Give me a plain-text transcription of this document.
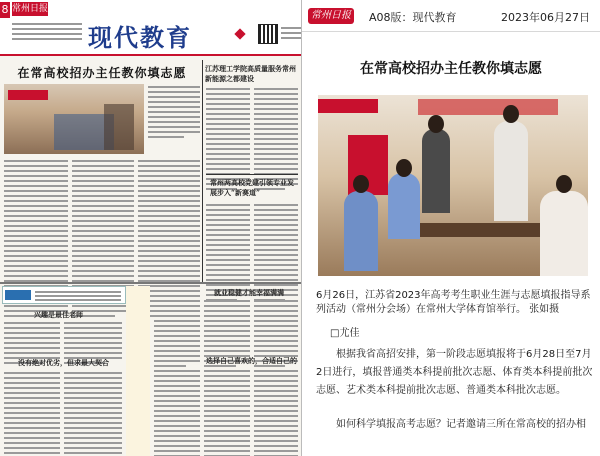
8 常州日报
现代教育
在常高校招办主任教你填志愿	江苏理工学院高质量服务常州新能源之都建设
常州两高校党建引领专业发展步入“新赛道”
兴趣是最佳老师
没有绝对优劣，但求最大契合
就业稳健才能幸福满满
选择自己喜欢的，合适自己的
常州日报 A08版：现代教育	2023年06月27日
在常高校招办主任教你填志愿
6月26日，江苏省2023年高考考生职业生涯与志愿填报指导系列活动（常州分会场）在常州大学体育馆举行。 张如摄
□尤佳
根据我省高招安排，第一阶段志愿填报将于6月28日至7月2日进行，填报普通类本科提前批次志愿、体育类本科提前批次志愿、艺术类本科提前批次志愿、普通类本科批次志愿。
如何科学填报高考志愿？记者邀请三所在常高校的招办相
